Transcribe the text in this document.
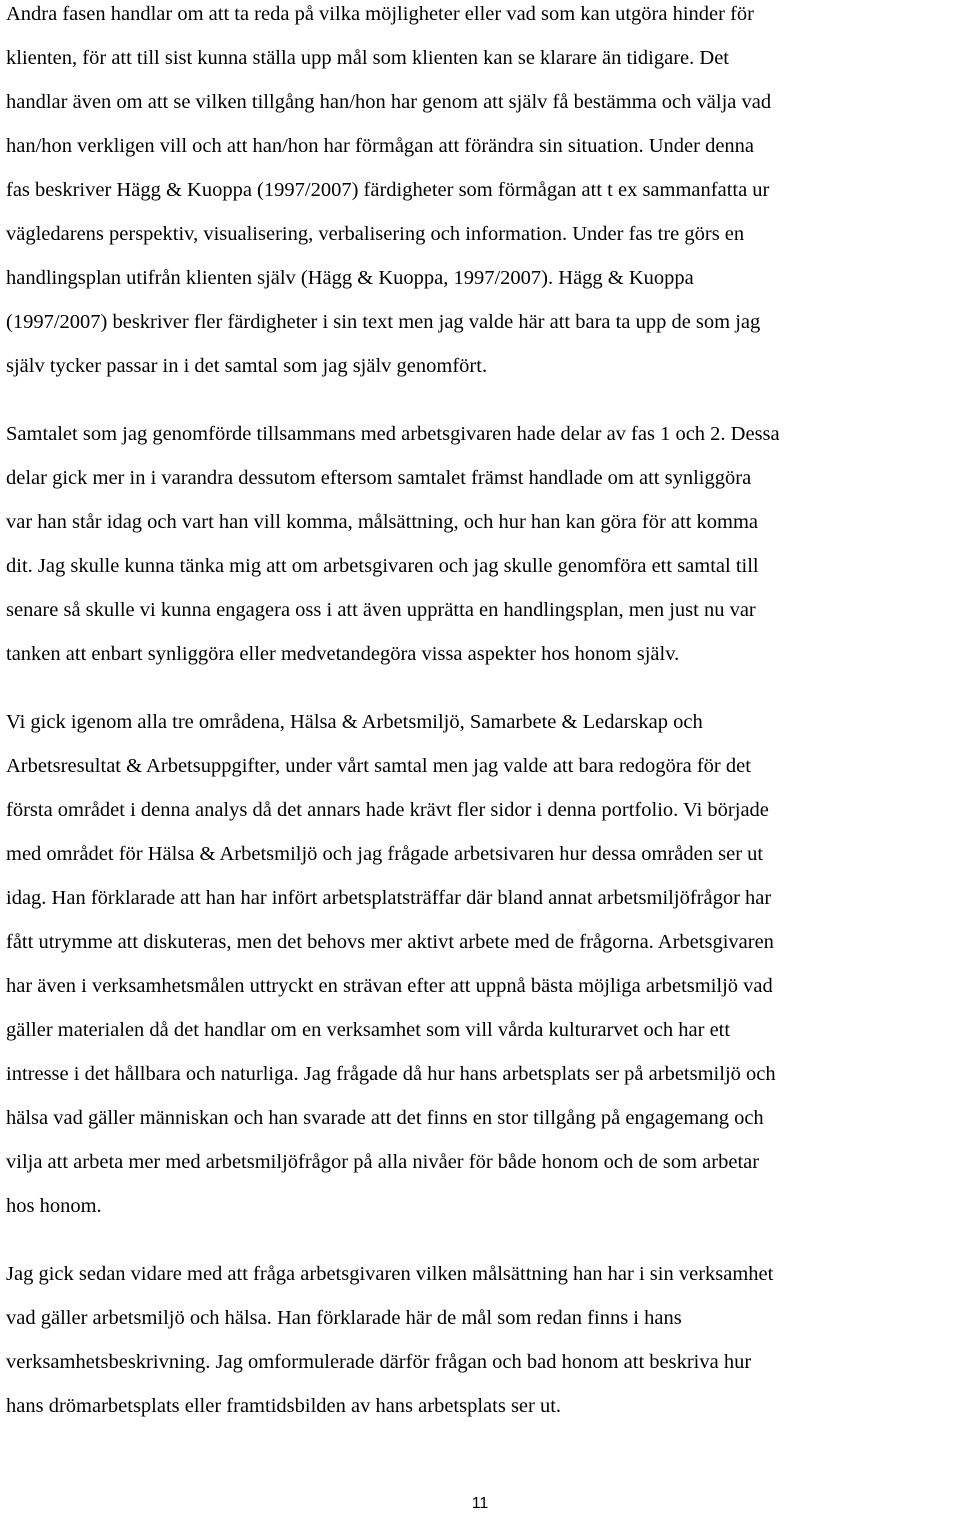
Andra fasen handlar om att ta reda på vilka möjligheter eller vad som kan utgöra hinder för
klienten, för att till sist kunna ställa upp mål som klienten kan se klarare än tidigare. Det
handlar även om att se vilken tillgång han/hon har genom att själv få bestämma och välja vad
han/hon verkligen vill och att han/hon har förmågan att förändra sin situation. Under denna
fas beskriver Hägg & Kuoppa (1997/2007) färdigheter som förmågan att t ex sammanfatta ur
vägledarens perspektiv, visualisering, verbalisering och information. Under fas tre görs en
handlingsplan utifrån klienten själv (Hägg & Kuoppa, 1997/2007). Hägg & Kuoppa
(1997/2007) beskriver fler färdigheter i sin text men jag valde här att bara ta upp de som jag
själv tycker passar in i det samtal som jag själv genomfört.
Samtalet som jag genomförde tillsammans med arbetsgivaren hade delar av fas 1 och 2. Dessa
delar gick mer in i varandra dessutom eftersom samtalet främst handlade om att synliggöra
var han står idag och vart han vill komma, målsättning, och hur han kan göra för att komma
dit. Jag skulle kunna tänka mig att om arbetsgivaren och jag skulle genomföra ett samtal till
senare så skulle vi kunna engagera oss i att även upprätta en handlingsplan, men just nu var
tanken att enbart synliggöra eller medvetandegöra vissa aspekter hos honom själv.
Vi gick igenom alla tre områdena, Hälsa & Arbetsmiljö, Samarbete & Ledarskap och
Arbetsresultat & Arbetsuppgifter, under vårt samtal men jag valde att bara redogöra för det
första området i denna analys då det annars hade krävt fler sidor i denna portfolio. Vi började
med området för Hälsa & Arbetsmiljö och jag frågade arbetsivaren hur dessa områden ser ut
idag. Han förklarade att han har infört arbetsplatsträffar där bland annat arbetsmiljöfrågor har
fått utrymme att diskuteras, men det behovs mer aktivt arbete med de frågorna. Arbetsgivaren
har även i verksamhetsmålen uttryckt en strävan efter att uppnå bästa möjliga arbetsmiljö vad
gäller materialen då det handlar om en verksamhet som vill vårda kulturarvet och har ett
intresse i det hållbara och naturliga. Jag frågade då hur hans arbetsplats ser på arbetsmiljö och
hälsa vad gäller människan och han svarade att det finns en stor tillgång på engagemang och
vilja att arbeta mer med arbetsmiljöfrågor på alla nivåer för både honom och de som arbetar
hos honom.
Jag gick sedan vidare med att fråga arbetsgivaren vilken målsättning han har i sin verksamhet
vad gäller arbetsmiljö och hälsa. Han förklarade här de mål som redan finns i hans
verksamhetsbeskrivning. Jag omformulerade därför frågan och bad honom att beskriva hur
hans drömarbetsplats eller framtidsbilden av hans arbetsplats ser ut.
11
